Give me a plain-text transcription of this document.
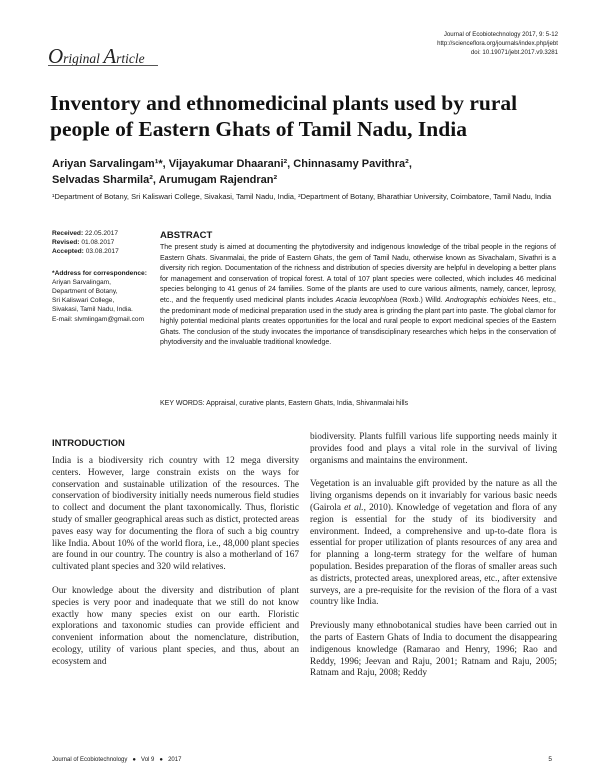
Journal of Ecobiotechnology 2017, 9: 5-12
http://scienceflora.org/journals/index.php/jebt
doi: 10.19071/jebt.2017.v9.3281
Original Article
Inventory and ethnomedicinal plants used by rural people of Eastern Ghats of Tamil Nadu, India
Ariyan Sarvalingam¹*, Vijayakumar Dhaarani², Chinnasamy Pavithra²,
Selvadas Sharmila², Arumugam Rajendran²
¹Department of Botany, Sri Kaliswari College, Sivakasi, Tamil Nadu, India, ²Department of Botany, Bharathiar University, Coimbatore, Tamil Nadu, India
Received: 22.05.2017
Revised: 01.08.2017
Accepted: 03.08.2017
*Address for correspondence:
Ariyan Sarvalingam,
Department of Botany,
Sri Kaliswari College,
Sivakasi, Tamil Nadu, India.
E-mail: slvmlingam@gmail.com
ABSTRACT

The present study is aimed at documenting the phytodiversity and indigenous knowledge of the tribal people in the regions of Eastern Ghats. Sivanmalai, the pride of Eastern Ghats, the gem of Tamil Nadu, otherwise known as Sivachalam, Sivathri is a diversity rich region. Documentation of the richness and distribution of species diversity are helpful in developing a better plans for management and conservation of tropical forest. A total of 107 plant species were collected, which includes 46 medicinal species belonging to 41 genus of 24 families. Some of the plants are used to cure various ailments, namely, cancer, leprosy, etc., and the frequently used medicinal plants includes Acacia leucophloea (Roxb.) Willd. Andrographis echioides Nees, etc., the predominant mode of medicinal preparation used in the study area is grinding the plant part into paste. The global clamor for highly potential medicinal plants creates opportunities for the local and rural people to export medicinal species of the Eastern Ghats. The conclusion of the study invocates the importance of transdisciplinary researches which helps in the conservation of phytodiversity and the invaluable traditional knowledge.

KEY WORDS: Appraisal, curative plants, Eastern Ghats, India, Shivanmalai hills
INTRODUCTION

India is a biodiversity rich country with 12 mega diversity centers. However, large constrain exists on the ways for conservation and sustainable utilization of the resources. The conservation of biodiversity initially needs numerous field studies to collect and document the plant taxonomically. Thus, floristic study of smaller geographical areas such as distict, protected areas paves easy way for documenting the flora of such a big country like India. About 10% of the world flora, i.e., 48,000 plant species are found in our country. The country is also a motherland of 167 cultivated plant species and 320 wild relatives.

Our knowledge about the diversity and distribution of plant species is very poor and inadequate that we still do not know exactly how many species exist on our earth. Floristic explorations and taxonomic studies can provide efficient and convenient information about the nomenclature, distribution, ecology, utility of various plant species, and thus, about an ecosystem and

biodiversity. Plants fulfill various life supporting needs mainly it provides food and plays a vital role in the survival of living organisms and maintains the environment.

Vegetation is an invaluable gift provided by the nature as all the living organisms depends on it invariably for various basic needs (Gairola et al., 2010). Knowledge of vegetation and flora of any region is essential for the study of its biodiversity and environment. Indeed, a comprehensive and up-to-date flora is essential for proper utilization of plants resources of any area and for planning a long-term strategy for the welfare of human population. Besides preparation of the floras of smaller areas such as districts, protected areas, unexplored areas, etc., after extensive surveys, are a pre-requisite for the revision of the flora of a vast country like India.

Previously many ethnobotanical studies have been carried out in the parts of Eastern Ghats of India to document the disappearing indigenous knowledge (Ramarao and Henry, 1996; Rao and Reddy, 1996; Jeevan and Raju, 2001; Ratnam and Raju, 2005; Ratnam and Raju, 2008; Reddy

Journal of Ecobiotechnology ● Vol 9 ● 2017	5
